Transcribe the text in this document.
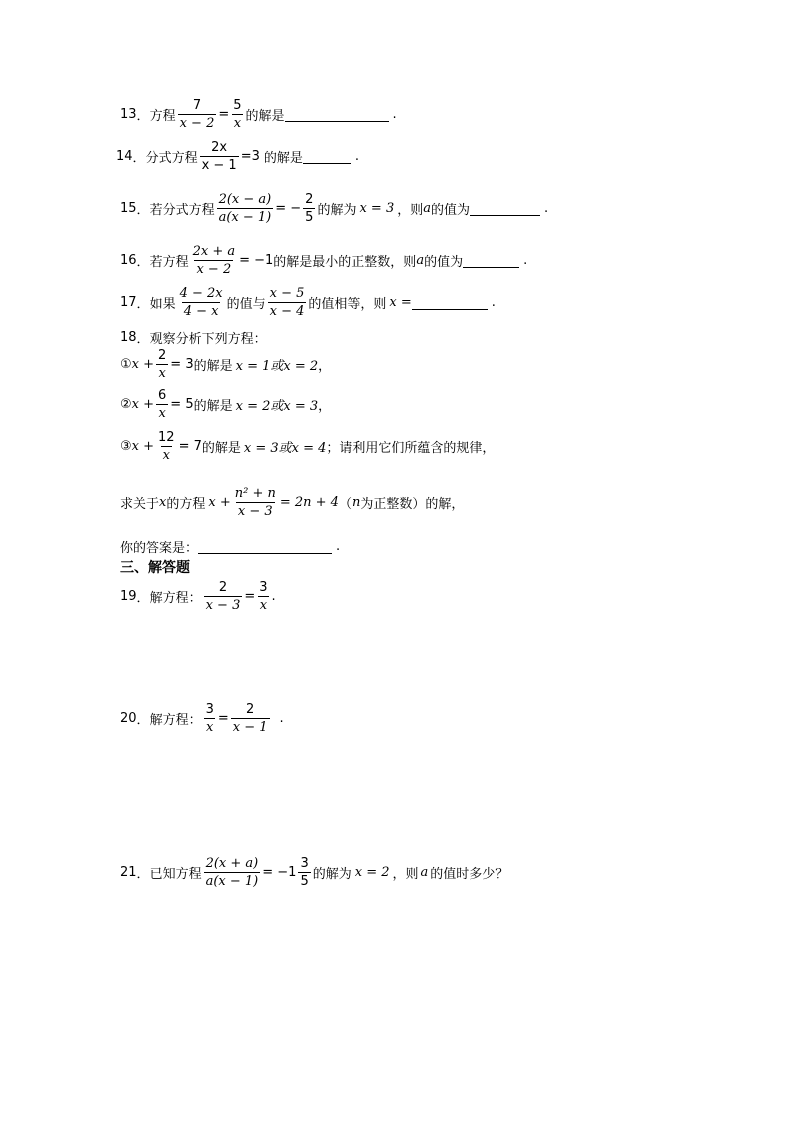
13 ． 方程 $\frac{7}{x - 2} = \frac{5}{x}$ 的解是	.
14 ． 分式方程 $\frac{2x}{x - 1} =3$ 的解是	.
15 ． 若分式方程 $\frac{2(x - a)}{a(x - 1)}$ = − $\frac{2}{5}$ 的解为 x = 3 ，则 a 的值为	.
16 ． 若方程 $\frac{2x + a}{x - 2} = -1$ 的解是最小的正整数，则 a 的值为	.
17 ． 如果 $\frac{4 - 2x}{4 - x}$ 的值与 $\frac{x - 5}{x - 4}$ 的值相等，则 x =	.
18 ． 观察分析下列方程：
① $x + \frac{2}{x} = 3$ 的解是 x = 1或x = 2 ，
② $x + \frac{6}{x} = 5$ 的解是 x = 2或x = 3 ，
③ $x + \frac{12}{x} = 7$ 的解是 x = 3或x = 4 ；请利用它们所蕴含的规律，
求关于 x 的方程 $x + \frac{\text{n² + n}}{x - 3} = 2n + 4$ （ n 为正整数）的解，
你的答案是：	.
三、解答题
19 ． 解方程： $\frac{2}{x - 3} = \frac{3}{x}$ .
20 ． 解方程： $\frac{3}{x} = \frac{2}{x - 1}$ .
21 ． 已知方程 $\frac{2(x + a)}{a(x - 1)} = -1 \frac{3}{5}$ 的解为 x = 2 ，则 a 的值时多少？
